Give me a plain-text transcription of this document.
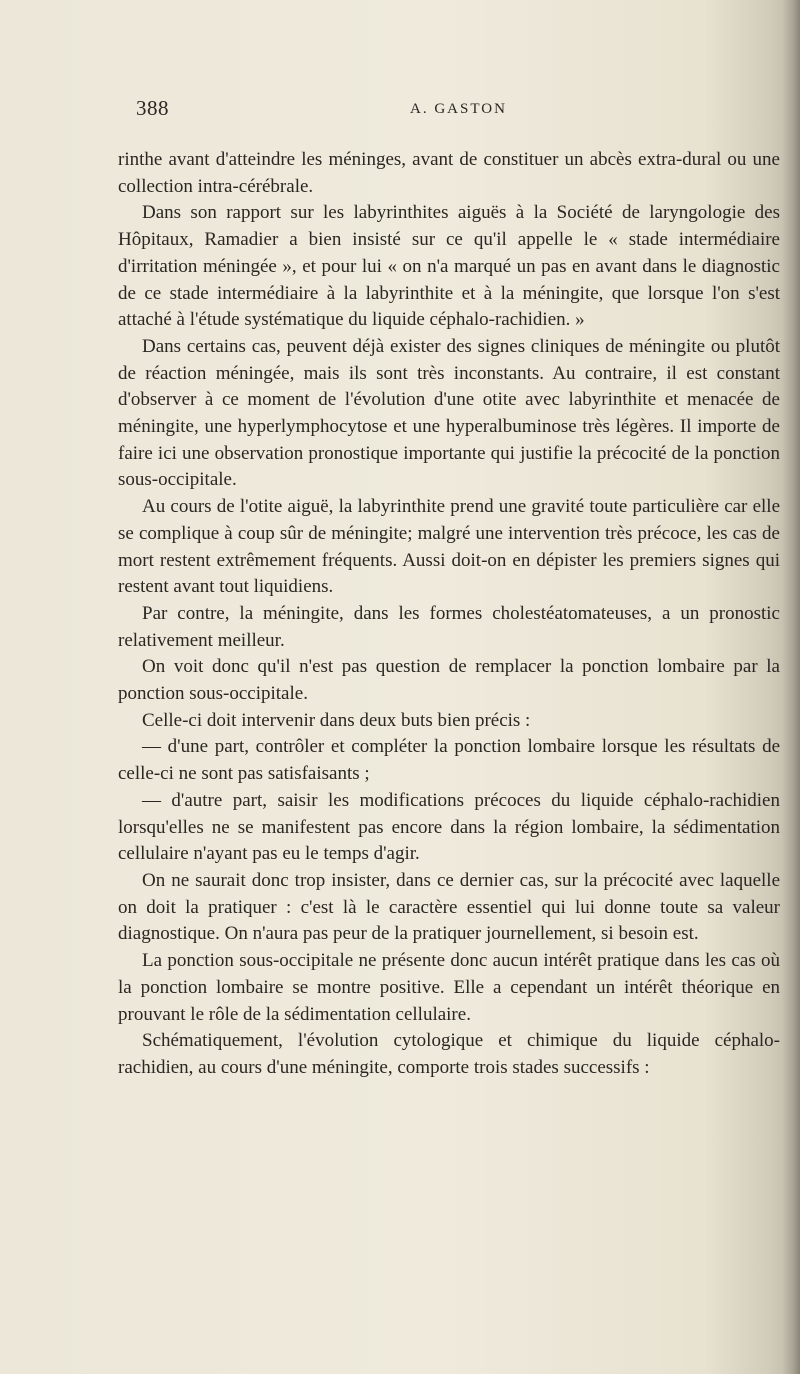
388	A. GASTON

rinthe avant d'atteindre les méninges, avant de constituer un abcès extra-dural ou une collection intra-cérébrale.

Dans son rapport sur les labyrinthites aiguës à la Société de laryngologie des Hôpitaux, Ramadier a bien insisté sur ce qu'il appelle le « stade intermédiaire d'irritation méningée », et pour lui « on n'a marqué un pas en avant dans le diagnostic de ce stade intermédiaire à la labyrinthite et à la méningite, que lorsque l'on s'est attaché à l'étude systématique du liquide céphalo-rachidien. »

Dans certains cas, peuvent déjà exister des signes cliniques de méningite ou plutôt de réaction méningée, mais ils sont très inconstants. Au contraire, il est constant d'observer à ce moment de l'évolution d'une otite avec labyrinthite et menacée de méningite, une hyperlymphocytose et une hyperalbuminose très légères. Il importe de faire ici une observation pronostique importante qui justifie la précocité de la ponction sous-occipitale.

Au cours de l'otite aiguë, la labyrinthite prend une gravité toute particulière car elle se complique à coup sûr de méningite; malgré une intervention très précoce, les cas de mort restent extrêmement fréquents. Aussi doit-on en dépister les premiers signes qui restent avant tout liquidiens.

Par contre, la méningite, dans les formes cholestéatomateuses, a un pronostic relativement meilleur.

On voit donc qu'il n'est pas question de remplacer la ponction lombaire par la ponction sous-occipitale.

Celle-ci doit intervenir dans deux buts bien précis :

— d'une part, contrôler et compléter la ponction lombaire lorsque les résultats de celle-ci ne sont pas satisfaisants ;

— d'autre part, saisir les modifications précoces du liquide céphalo-rachidien lorsqu'elles ne se manifestent pas encore dans la région lombaire, la sédimentation cellulaire n'ayant pas eu le temps d'agir.

On ne saurait donc trop insister, dans ce dernier cas, sur la précocité avec laquelle on doit la pratiquer : c'est là le caractère essentiel qui lui donne toute sa valeur diagnostique. On n'aura pas peur de la pratiquer journellement, si besoin est.

La ponction sous-occipitale ne présente donc aucun intérêt pratique dans les cas où la ponction lombaire se montre positive. Elle a cependant un intérêt théorique en prouvant le rôle de la sédimentation cellulaire.

Schématiquement, l'évolution cytologique et chimique du liquide céphalo-rachidien, au cours d'une méningite, comporte trois stades successifs :
